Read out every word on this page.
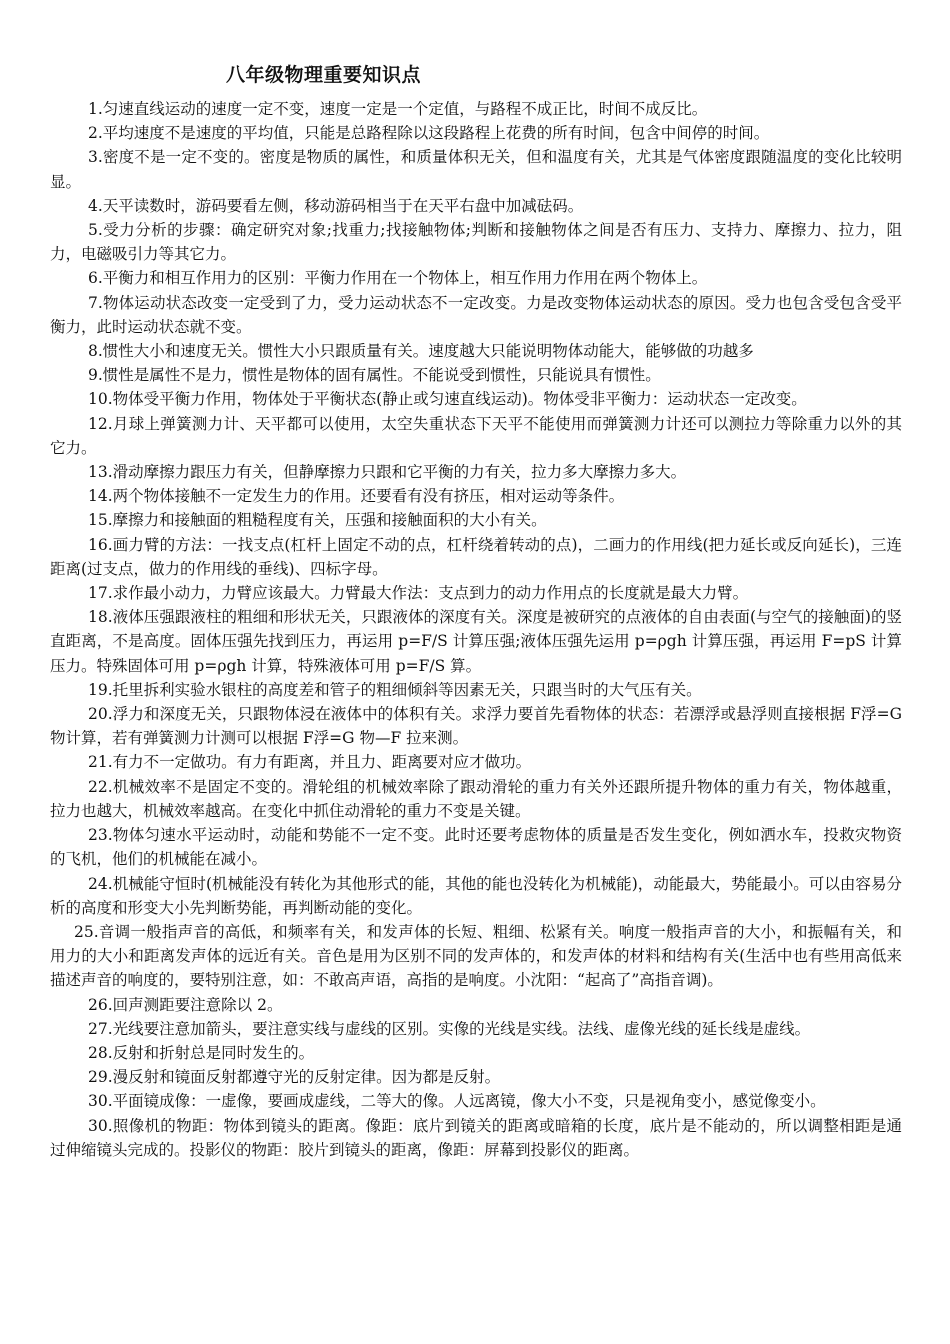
八年级物理重要知识点

1.匀速直线运动的速度一定不变，速度一定是一个定值，与路程不成正比，时间不成反比。

2.平均速度不是速度的平均值，只能是总路程除以这段路程上花费的所有时间，包含中间停的时间。

3.密度不是一定不变的。密度是物质的属性，和质量体积无关，但和温度有关，尤其是气体密度跟随温度的变化比较明显。

4.天平读数时，游码要看左侧，移动游码相当于在天平右盘中加减砝码。

5.受力分析的步骤：确定研究对象;找重力;找接触物体;判断和接触物体之间是否有压力、支持力、摩擦力、拉力，阻力，电磁吸引力等其它力。

6.平衡力和相互作用力的区别：平衡力作用在一个物体上，相互作用力作用在两个物体上。

7.物体运动状态改变一定受到了力，受力运动状态不一定改变。力是改变物体运动状态的原因。受力也包含受包含受平衡力，此时运动状态就不变。

8.惯性大小和速度无关。惯性大小只跟质量有关。速度越大只能说明物体动能大，能够做的功越多

9.惯性是属性不是力，惯性是物体的固有属性。不能说受到惯性，只能说具有惯性。

10.物体受平衡力作用，物体处于平衡状态(静止或匀速直线运动)。物体受非平衡力：运动状态一定改变。

12.月球上弹簧测力计、天平都可以使用，太空失重状态下天平不能使用而弹簧测力计还可以测拉力等除重力以外的其它力。

13.滑动摩擦力跟压力有关，但静摩擦力只跟和它平衡的力有关，拉力多大摩擦力多大。

14.两个物体接触不一定发生力的作用。还要看有没有挤压，相对运动等条件。

15.摩擦力和接触面的粗糙程度有关，压强和接触面积的大小有关。

16.画力臂的方法：一找支点(杠杆上固定不动的点，杠杆绕着转动的点)，二画力的作用线(把力延长或反向延长)，三连距离(过支点，做力的作用线的垂线)、四标字母。

17.求作最小动力，力臂应该最大。力臂最大作法：支点到力的动力作用点的长度就是最大力臂。

18.液体压强跟液柱的粗细和形状无关，只跟液体的深度有关。深度是被研究的点液体的自由表面(与空气的接触面)的竖直距离，不是高度。固体压强先找到压力，再运用 p=F/S 计算压强;液体压强先运用 p=ρgh 计算压强，再运用 F=pS 计算压力。特殊固体可用 p=ρgh 计算，特殊液体可用 p=F/S 算。

19.托里拆利实验水银柱的高度差和管子的粗细倾斜等因素无关，只跟当时的大气压有关。

20.浮力和深度无关，只跟物体浸在液体中的体积有关。求浮力要首先看物体的状态：若漂浮或悬浮则直接根据 F浮=G 物计算，若有弹簧测力计测可以根据 F浮=G 物—F 拉来测。

21.有力不一定做功。有力有距离，并且力、距离要对应才做功。

22.机械效率不是固定不变的。滑轮组的机械效率除了跟动滑轮的重力有关外还跟所提升物体的重力有关，物体越重，拉力也越大，机械效率越高。在变化中抓住动滑轮的重力不变是关键。

23.物体匀速水平运动时，动能和势能不一定不变。此时还要考虑物体的质量是否发生变化，例如洒水车，投救灾物资的飞机，他们的机械能在减小。

24.机械能守恒时(机械能没有转化为其他形式的能，其他的能也没转化为机械能)，动能最大，势能最小。可以由容易分析的高度和形变大小先判断势能，再判断动能的变化。

25.音调一般指声音的高低，和频率有关，和发声体的长短、粗细、松紧有关。响度一般指声音的大小，和振幅有关，和用力的大小和距离发声体的远近有关。音色是用为区别不同的发声体的，和发声体的材料和结构有关(生活中也有些用高低来描述声音的响度的，要特别注意，如：不敢高声语，高指的是响度。小沈阳：“起高了”高指音调)。

26.回声测距要注意除以 2。

27.光线要注意加箭头，要注意实线与虚线的区别。实像的光线是实线。法线、虚像光线的延长线是虚线。

28.反射和折射总是同时发生的。

29.漫反射和镜面反射都遵守光的反射定律。因为都是反射。

30.平面镜成像：一虚像，要画成虚线，二等大的像。人远离镜，像大小不变，只是视角变小，感觉像变小。

30.照像机的物距：物体到镜头的距离。像距：底片到镜关的距离或暗箱的长度，底片是不能动的，所以调整相距是通过伸缩镜头完成的。投影仪的物距：胶片到镜头的距离，像距：屏幕到投影仪的距离。
